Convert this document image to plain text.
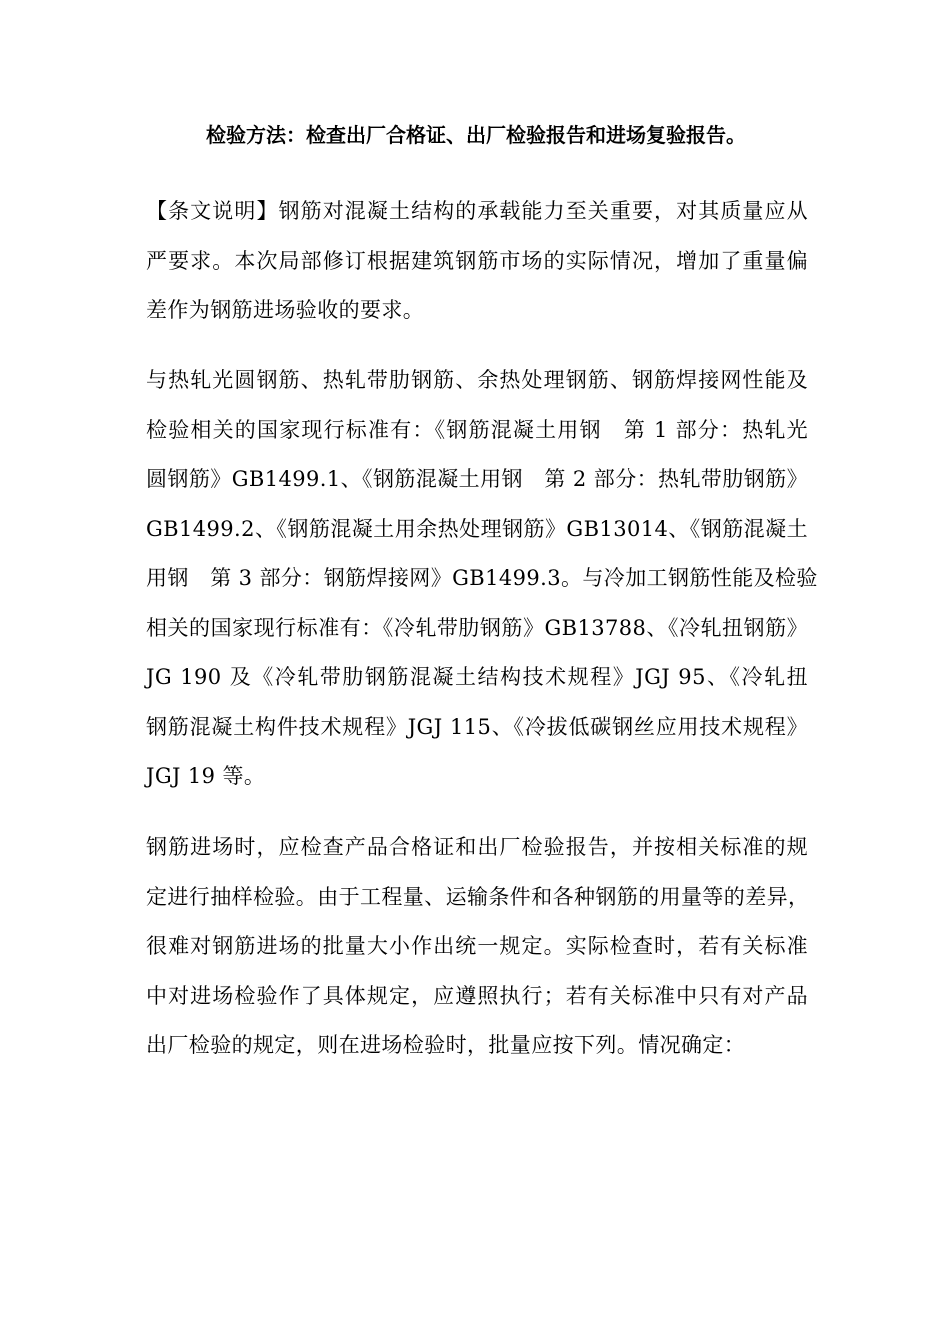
检验方法：检查出厂合格证、出厂检验报告和进场复验报告。
【条文说明】钢筋对混凝土结构的承载能力至关重要，对其质量应从
严要求。本次局部修订根据建筑钢筋市场的实际情况，增加了重量偏
差作为钢筋进场验收的要求。
与热轧光圆钢筋、热轧带肋钢筋、余热处理钢筋、钢筋焊接网性能及
检验相关的国家现行标准有：《钢筋混凝土用钢　第 1 部分：热轧光
圆钢筋》GB1499.1、《钢筋混凝土用钢　第 2 部分：热轧带肋钢筋》
GB1499.2、《钢筋混凝土用余热处理钢筋》GB13014、《钢筋混凝土
用钢　第 3 部分：钢筋焊接网》GB1499.3。与冷加工钢筋性能及检验
相关的国家现行标准有：《冷轧带肋钢筋》GB13788、《冷轧扭钢筋》
JG 190 及《冷轧带肋钢筋混凝土结构技术规程》JGJ 95、《冷轧扭
钢筋混凝土构件技术规程》JGJ 115、《冷拔低碳钢丝应用技术规程》
JGJ 19 等。
钢筋进场时，应检查产品合格证和出厂检验报告，并按相关标准的规
定进行抽样检验。由于工程量、运输条件和各种钢筋的用量等的差异，
很难对钢筋进场的批量大小作出统一规定。实际检查时，若有关标准
中对进场检验作了具体规定，应遵照执行；若有关标准中只有对产品
出厂检验的规定，则在进场检验时，批量应按下列。情况确定：
